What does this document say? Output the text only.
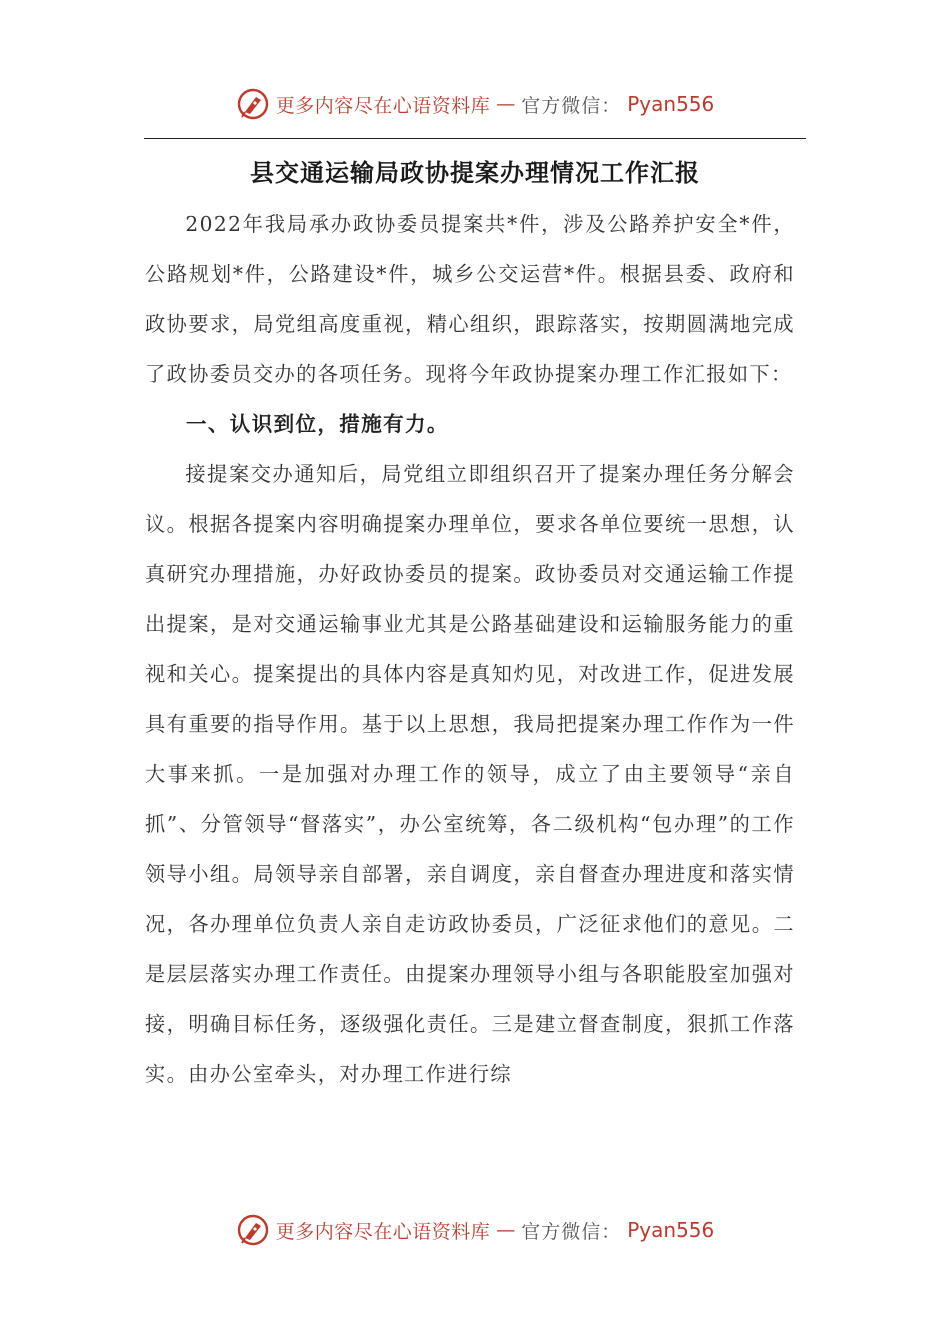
更多内容尽在心语资料库 — 官方微信： Pyan556
县交通运输局政协提案办理情况工作汇报

2022年我局承办政协委员提案共*件，涉及公路养护安全*件，公路规划*件，公路建设*件，城乡公交运营*件。根据县委、政府和政协要求，局党组高度重视，精心组织，跟踪落实，按期圆满地完成了政协委员交办的各项任务。现将今年政协提案办理工作汇报如下：

一、认识到位，措施有力。

接提案交办通知后，局党组立即组织召开了提案办理任务分解会议。根据各提案内容明确提案办理单位，要求各单位要统一思想，认真研究办理措施，办好政协委员的提案。政协委员对交通运输工作提出提案，是对交通运输事业尤其是公路基础建设和运输服务能力的重视和关心。提案提出的具体内容是真知灼见，对改进工作，促进发展具有重要的指导作用。基于以上思想，我局把提案办理工作作为一件大事来抓。一是加强对办理工作的领导，成立了由主要领导“亲自抓”、分管领导“督落实”，办公室统筹，各二级机构“包办理”的工作领导小组。局领导亲自部署，亲自调度，亲自督查办理进度和落实情况，各办理单位负责人亲自走访政协委员，广泛征求他们的意见。二是层层落实办理工作责任。由提案办理领导小组与各职能股室加强对接，明确目标任务，逐级强化责任。三是建立督查制度，狠抓工作落实。由办公室牵头，对办理工作进行综

更多内容尽在心语资料库 — 官方微信： Pyan556
